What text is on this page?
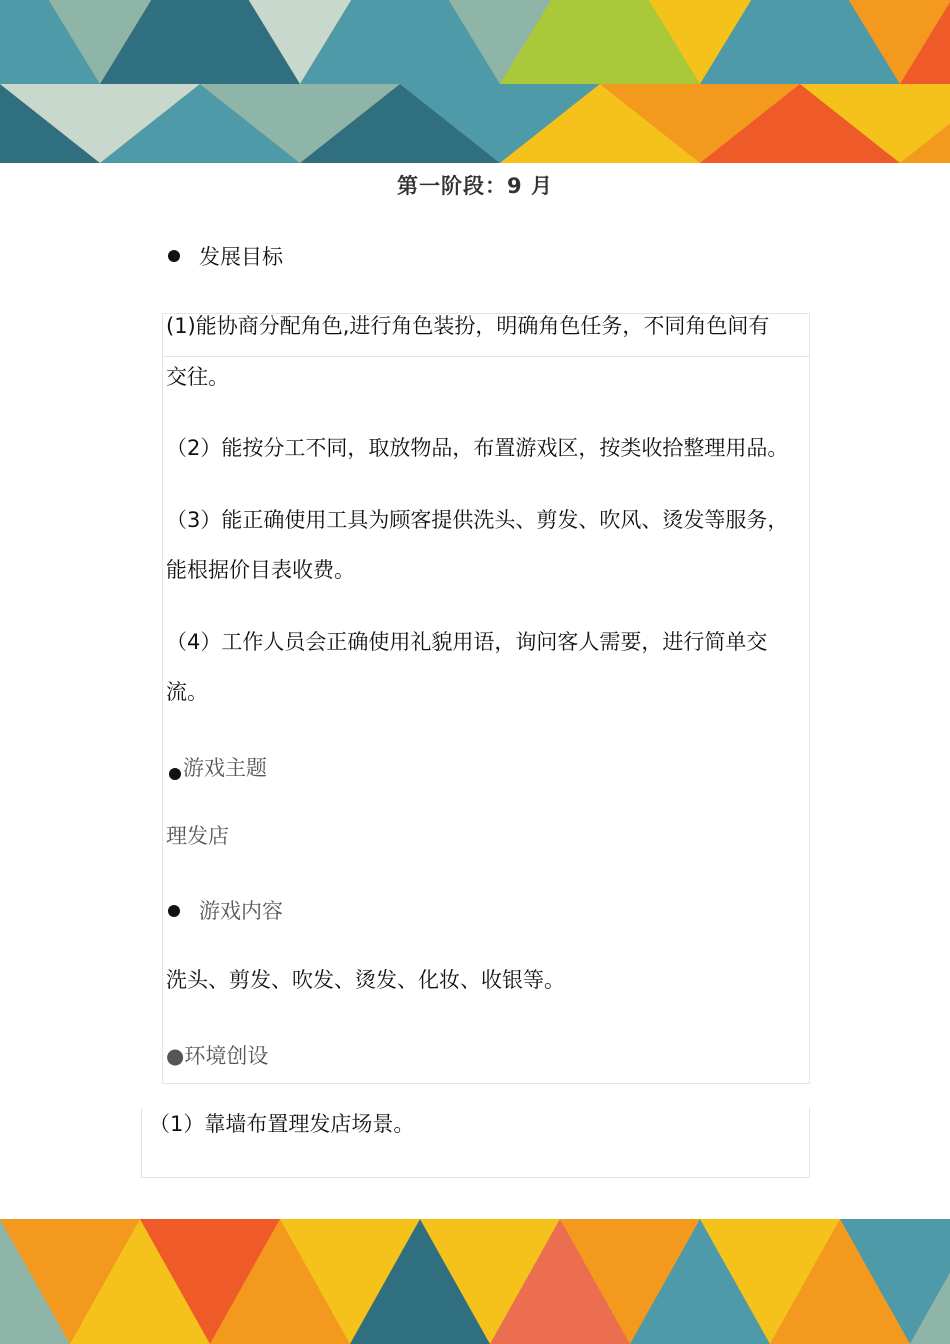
第一阶段：9 月
发展目标
(1)能协商分配角色,进行角色装扮，明确角色任务，不同角色间有
交往。
（2）能按分工不同，取放物品，布置游戏区，按类收拾整理用品。
（3）能正确使用工具为顾客提供洗头、剪发、吹风、烫发等服务，
能根据价目表收费。
（4）工作人员会正确使用礼貌用语，询问客人需要，进行简单交
流。
游戏主题
理发店
游戏内容
洗头、剪发、吹发、烫发、化妆、收银等。
●环境创设
（1）靠墙布置理发店场景。
